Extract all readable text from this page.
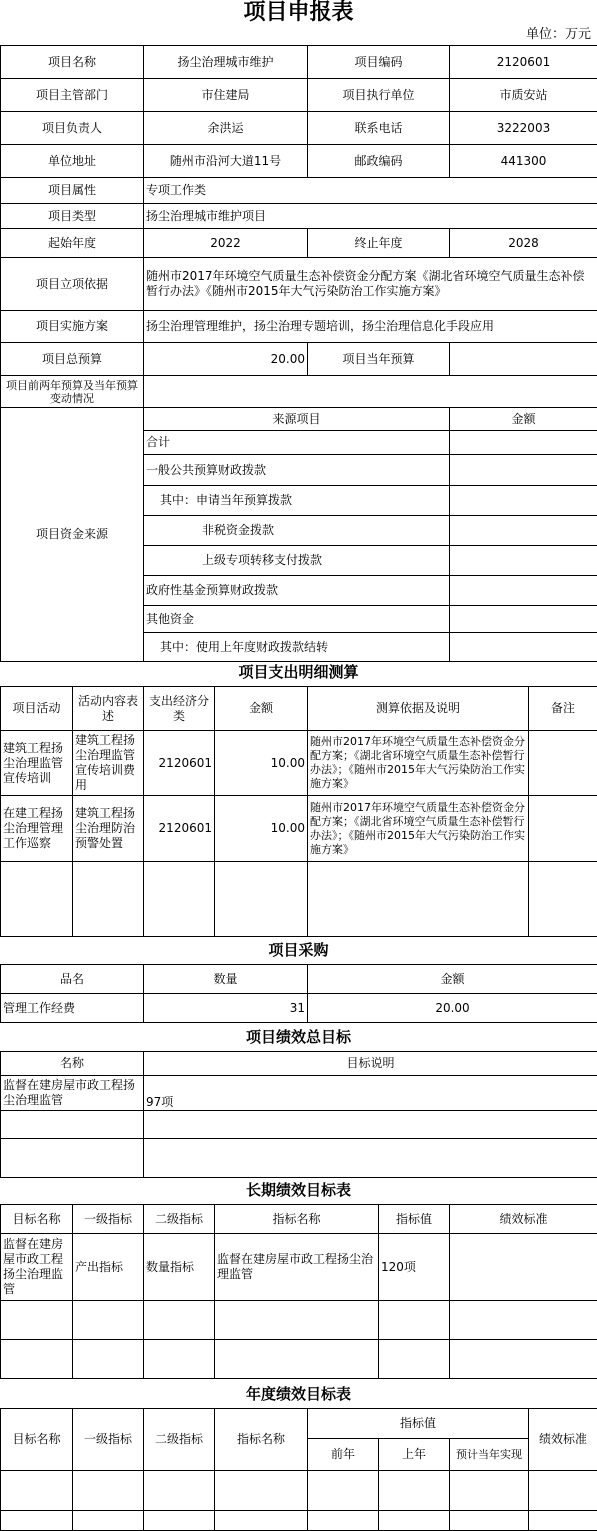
项目申报表
单位：万元
项目名称	扬尘治理城市维护	项目编码	2120601
项目主管部门	市住建局	项目执行单位	市质安站
项目负责人	余洪运	联系电话	3222003
单位地址	随州市沿河大道11号	邮政编码	441300
项目属性	专项工作类		
项目类型	扬尘治理城市维护项目		
起始年度	2022	终止年度	2028
项目立项依据	随州市2017年环境空气质量生态补偿资金分配方案《湖北省环境空气质量生态补偿暂行办法》《随州市2015年大气污染防治工作实施方案》		
项目实施方案	扬尘治理管理维护，扬尘治理专题培训，扬尘治理信息化手段应用		
项目总预算	20.00	项目当年预算	
项目前两年预算及当年预算变动情况			
项目资金来源	来源项目		金额
	合计		
	一般公共预算财政拨款		
	其中：申请当年预算拨款		
	非税资金拨款		
	上级专项转移支付拨款		
	政府性基金预算财政拨款		
	其他资金		
	其中：使用上年度财政拨款结转		
项目支出明细测算
项目活动	活动内容表述	支出经济分类	金额	测算依据及说明	备注
建筑工程扬尘治理监管宣传培训	建筑工程扬尘治理监管宣传培训费用	2120601	10.00	随州市2017年环境空气质量生态补偿资金分配方案；《湖北省环境空气质量生态补偿暂行办法》；《随州市2015年大气污染防治工作实施方案》	
在建工程扬尘治理管理工作巡察	建筑工程扬尘治理防治预警处置	2120601	10.00	随州市2017年环境空气质量生态补偿资金分配方案；《湖北省环境空气质量生态补偿暂行办法》；《随州市2015年大气污染防治工作实施方案》	

项目采购
品名	数量	金额
管理工作经费	31	20.00
项目绩效总目标
名称	目标说明
监督在建房屋市政工程扬尘治理监管	97项

长期绩效目标表
目标名称	一级指标	二级指标	指标名称	指标值	绩效标准
监督在建房屋市政工程扬尘治理监管	产出指标	数量指标	监督在建房屋市政工程扬尘治理监管	120项	

年度绩效目标表
目标名称	一级指标	二级指标	指标名称	指标值			绩效标准
				前年	上年	预计当年实现	
